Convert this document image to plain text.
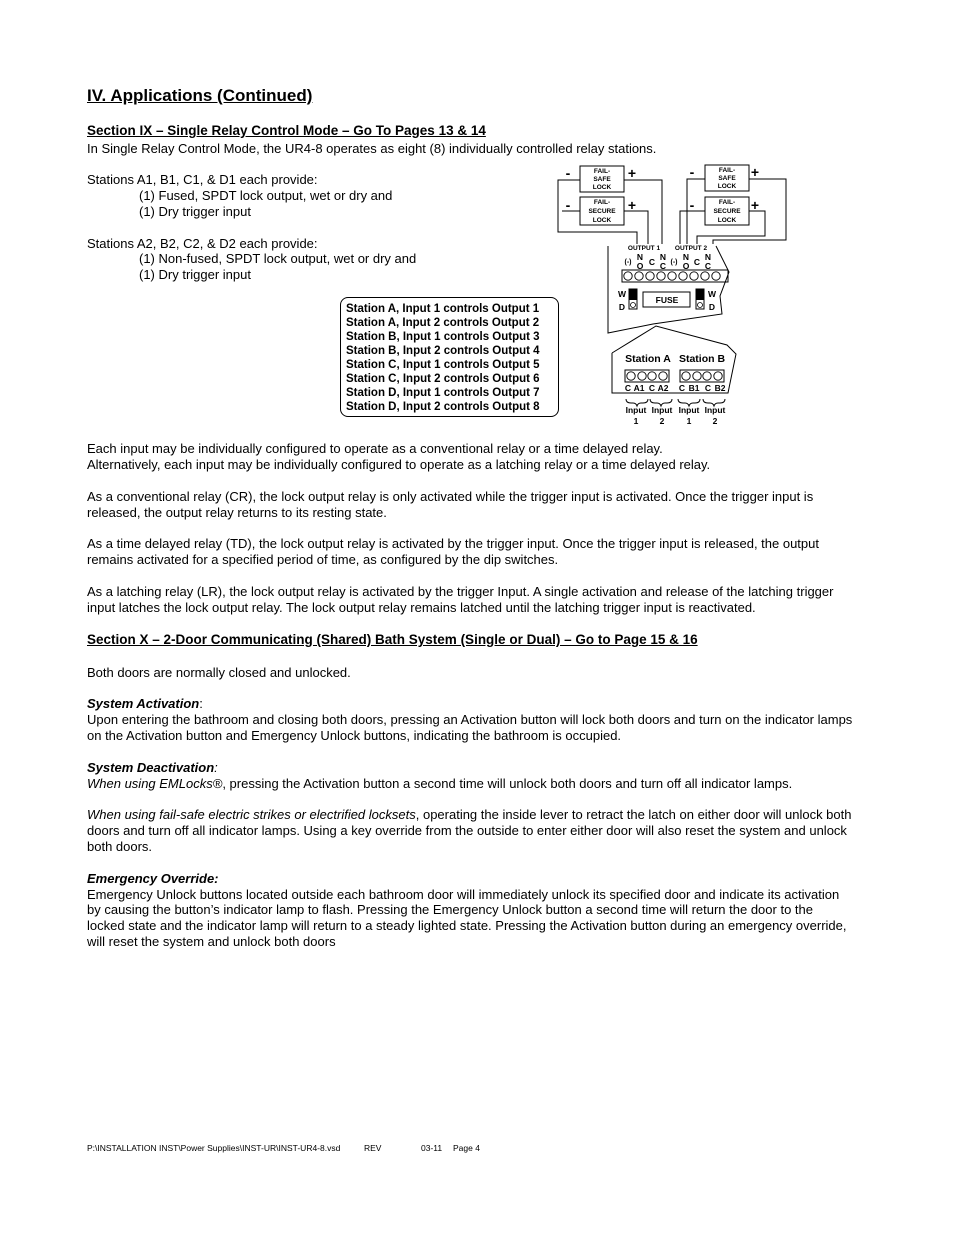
IV. Applications (Continued)
Section IX – Single Relay Control Mode – Go To Pages 13 & 14
In Single Relay Control Mode, the UR4-8 operates as eight (8) individually controlled relay stations.
Stations A1, B1, C1, & D1 each provide:
(1) Fused, SPDT lock output, wet or dry and
(1) Dry trigger input
Stations A2, B2, C2, & D2 each provide:
(1) Non-fused, SPDT lock output, wet or dry and
(1) Dry trigger input
Station A, Input 1 controls Output 1
Station A, Input 2 controls Output 2
Station B, Input 1 controls Output 3
Station B, Input 2 controls Output 4
Station C, Input 1 controls Output 5
Station C, Input 2 controls Output 6
Station D, Input 1 controls Output 7
Station D, Input 2 controls Output 8
FAIL-
SAFE
LOCK
FAIL-
SECURE
LOCK
FAIL-
SAFE
LOCK
FAIL-
SECURE
LOCK
-	+
-	+
-	+
-	+
OUTPUT 1 OUTPUT 2
(-)
N
O C N
C (-)
N
O C N
C
W
D
W
D
FUSE
Station A Station B
C A1 C A2 C B1 C B2
Input
1
Input
2
Input
1
Input
2
Each input may be individually configured to operate as a conventional relay or a time delayed relay.
Alternatively, each input may be individually configured to operate as a latching relay or a time delayed relay.
As a conventional relay (CR), the lock output relay is only activated while the trigger input is activated. Once the trigger input is
released, the output relay returns to its resting state.
As a time delayed relay (TD), the lock output relay is activated by the trigger input. Once the trigger input is released, the output
remains activated for a specified period of time, as configured by the dip switches.
As a latching relay (LR), the lock output relay is activated by the trigger Input. A single activation and release of the latching trigger
input latches the lock output relay. The lock output relay remains latched until the latching trigger input is reactivated.
Section X – 2-Door Communicating (Shared) Bath System (Single or Dual) – Go to Page 15 & 16
Both doors are normally closed and unlocked.
System Activation:
Upon entering the bathroom and closing both doors, pressing an Activation button will lock both doors and turn on the indicator lamps
on the Activation button and Emergency Unlock buttons, indicating the bathroom is occupied.
System Deactivation:
When using EMLocks®, pressing the Activation button a second time will unlock both doors and turn off all indicator lamps.
When using fail-safe electric strikes or electrified locksets, operating the inside lever to retract the latch on either door will unlock both
doors and turn off all indicator lamps. Using a key override from the outside to enter either door will also reset the system and unlock
both doors.
Emergency Override:
Emergency Unlock buttons located outside each bathroom door will immediately unlock its specified door and indicate its activation
by causing the button’s indicator lamp to flash. Pressing the Emergency Unlock button a second time will return the door to the
locked state and the indicator lamp will return to a steady lighted state. Pressing the Activation button during an emergency override,
will reset the system and unlock both doors
P:\INSTALLATION INST\Power Supplies\INST-UR\INST-UR4-8.vsd	REV	03-11 Page 4
